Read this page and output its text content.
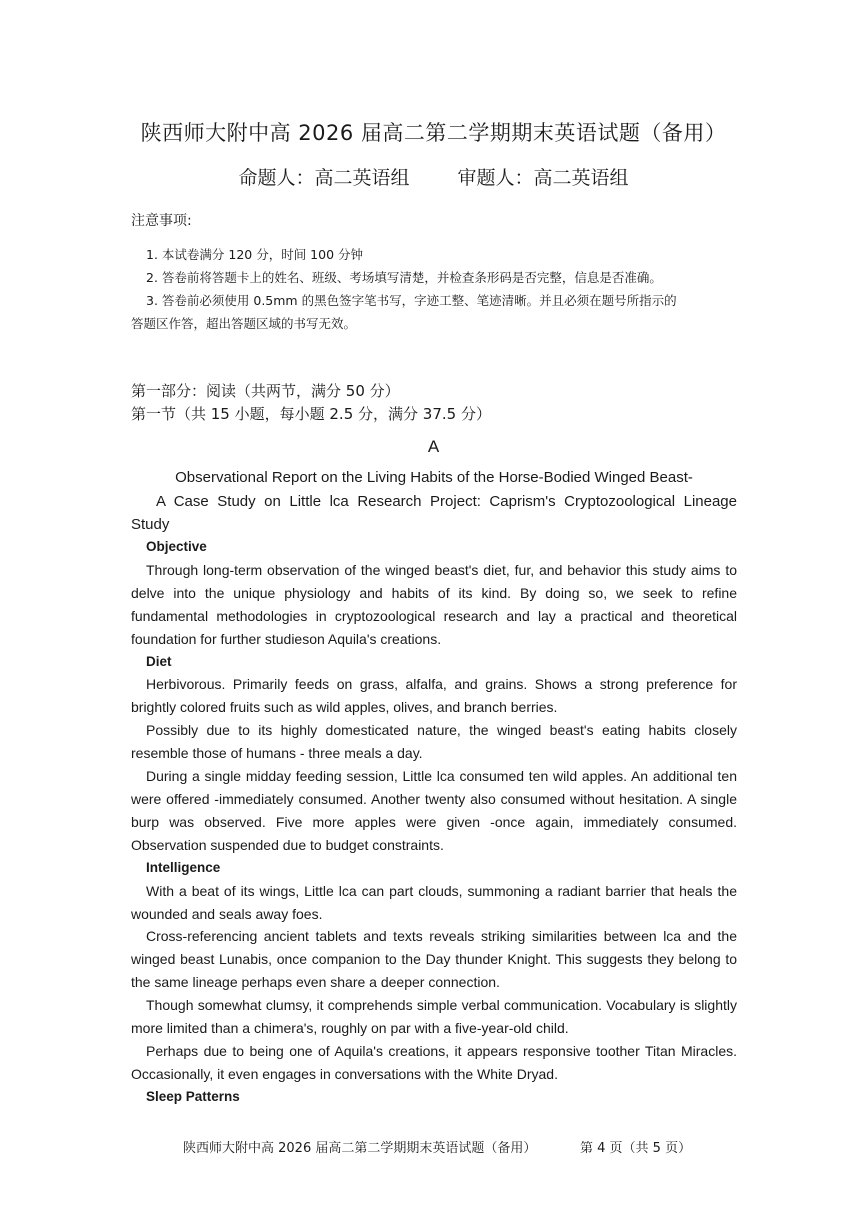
陕西师大附中高 2026 届高二第二学期期末英语试题（备用）
命题人：高二英语组	审题人：高二英语组
注意事项:
1. 本试卷满分 120 分，时间 100 分钟
2. 答卷前将答题卡上的姓名、班级、考场填写清楚，并检查条形码是否完整，信息是否准确。
3. 答卷前必须使用 0.5mm 的黑色签字笔书写，字迹工整、笔迹清晰。并且必须在题号所指示的
答题区作答，超出答题区域的书写无效。
第一部分：阅读（共两节，满分 50 分）
第一节（共 15 小题，每小题 2.5 分，满分 37.5 分）
A

Observational Report on the Living Habits of the Horse-Bodied Winged Beast-

A Case Study on Little lca Research Project: Caprism's Cryptozoological Lineage

Study

Objective

Through long-term observation of the winged beast's diet, fur, and behavior this study aims to delve into the unique physiology and habits of its kind. By doing so, we seek to refine fundamental methodologies in cryptozoological research and lay a practical and theoretical foundation for further studieson Aquila's creations.

Diet

Herbivorous. Primarily feeds on grass, alfalfa, and grains. Shows a strong preference for brightly colored fruits such as wild apples, olives, and branch berries.

Possibly due to its highly domesticated nature, the winged beast's eating habits closely resemble those of humans - three meals a day.

During a single midday feeding session, Little lca consumed ten wild apples. An additional ten were offered -immediately consumed. Another twenty also consumed without hesitation. A single burp was observed. Five more apples were given -once again, immediately consumed. Observation suspended due to budget constraints.

Intelligence

With a beat of its wings, Little lca can part clouds, summoning a radiant barrier that heals the wounded and seals away foes.

Cross-referencing ancient tablets and texts reveals striking similarities between lca and the winged beast Lunabis, once companion to the Day thunder Knight. This suggests they belong to the same lineage perhaps even share a deeper connection.

Though somewhat clumsy, it comprehends simple verbal communication. Vocabulary is slightly more limited than a chimera's, roughly on par with a five-year-old child.

Perhaps due to being one of Aquila's creations, it appears responsive toother Titan Miracles. Occasionally, it even engages in conversations with the White Dryad.

Sleep Patterns

陕西师大附中高 2026 届高二第二学期期末英语试题（备用）	第 4 页（共 5 页）
